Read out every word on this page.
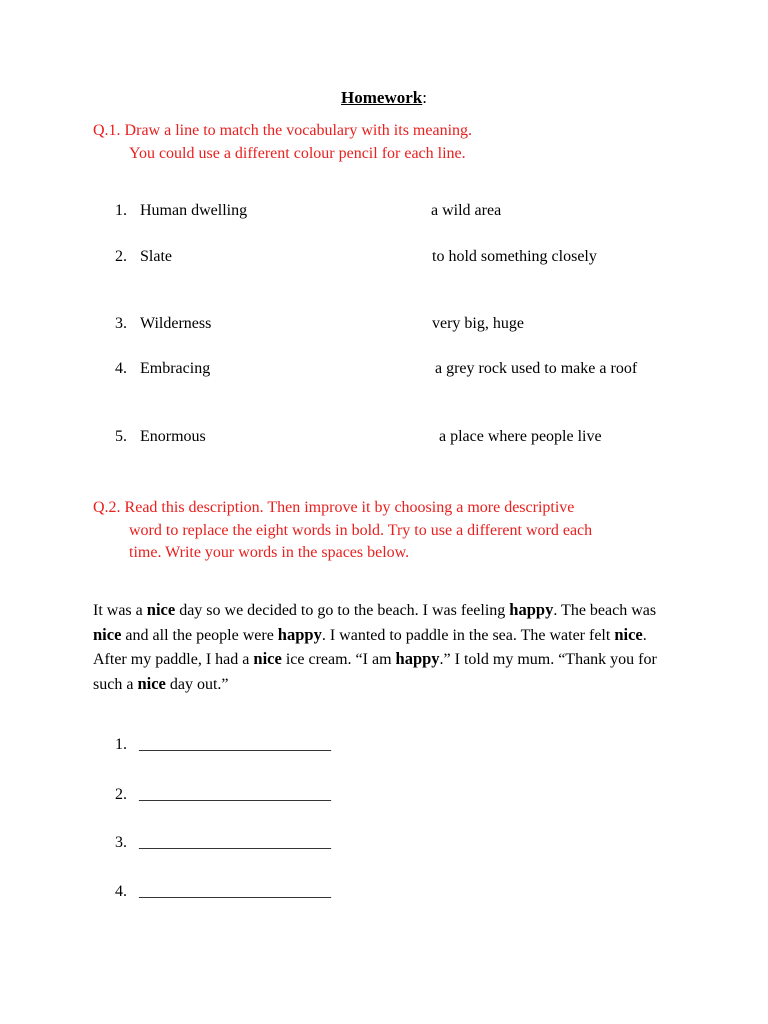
Homework:
Q.1. Draw a line to match the vocabulary with its meaning.
You could use a different colour pencil for each line.
1. Human dwelling	a wild area
2. Slate	to hold something closely
3. Wilderness	very big, huge
4. Embracing	a grey rock used to make a roof
5. Enormous	a place where people live
Q.2. Read this description. Then improve it by choosing a more descriptive
word to replace the eight words in bold. Try to use a different word each
time. Write your words in the spaces below.
It was a nice day so we decided to go to the beach. I was feeling happy. The beach was nice and all the people were happy. I wanted to paddle in the sea. The water felt nice. After my paddle, I had a nice ice cream. “I am happy.” I told my mum. “Thank you for such a nice day out.”
1. ________________________
2. ________________________
3. ________________________
4. ________________________
